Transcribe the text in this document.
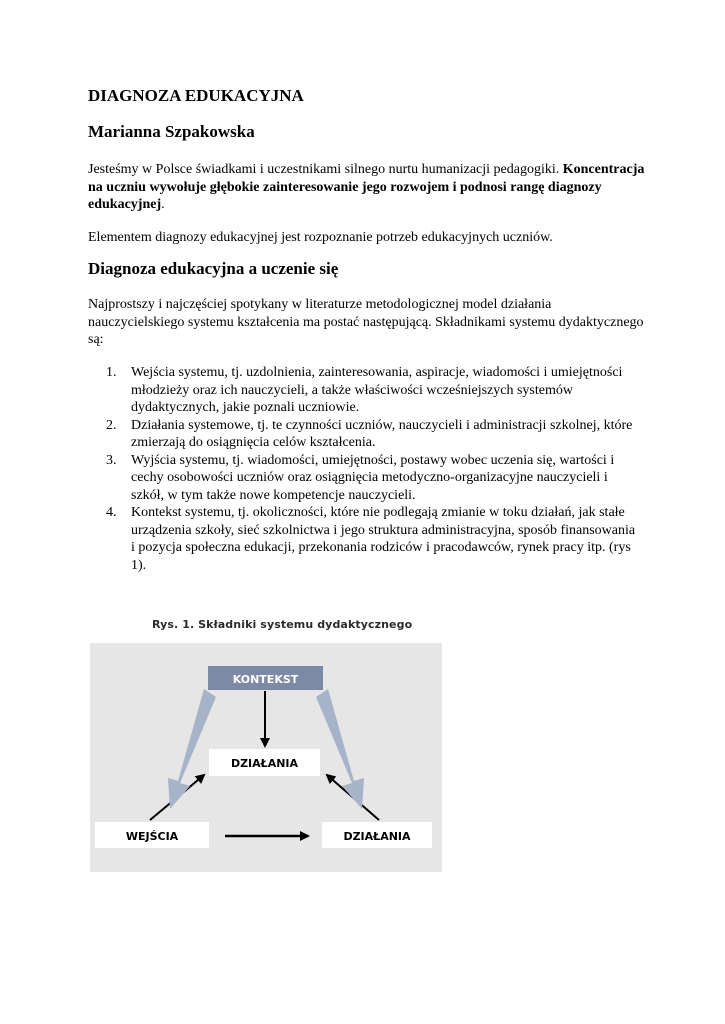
DIAGNOZA EDUKACYJNA
Marianna Szpakowska

Jesteśmy w Polsce świadkami i uczestnikami silnego nurtu humanizacji pedagogiki. Koncentracja na uczniu wywołuje głębokie zainteresowanie jego rozwojem i podnosi rangę diagnozy edukacyjnej.

Elementem diagnozy edukacyjnej jest rozpoznanie potrzeb edukacyjnych uczniów.

Diagnoza edukacyjna a uczenie się

Najprostszy i najczęściej spotykany w literaturze metodologicznej model działania nauczycielskiego systemu kształcenia ma postać następującą. Składnikami systemu dydaktycznego są:

1. Wejścia systemu, tj. uzdolnienia, zainteresowania, aspiracje, wiadomości i umiejętności młodzieży oraz ich nauczycieli, a także właściwości wcześniejszych systemów dydaktycznych, jakie poznali uczniowie.
2. Działania systemowe, tj. te czynności uczniów, nauczycieli i administracji szkolnej, które zmierzają do osiągnięcia celów kształcenia.
3. Wyjścia systemu, tj. wiadomości, umiejętności, postawy wobec uczenia się, wartości i cechy osobowości uczniów oraz osiągnięcia metodyczno-organizacyjne nauczycieli i szkół, w tym także nowe kompetencje nauczycieli.
4. Kontekst systemu, tj. okoliczności, które nie podlegają zmianie w toku działań, jak stałe urządzenia szkoły, sieć szkolnictwa i jego struktura administracyjna, sposób finansowania i pozycja społeczna edukacji, przekonania rodziców i pracodawców, rynek pracy itp. (rys 1).
Rys. 1. Składniki systemu dydaktycznego
KONTEKST
DZIAŁANIA
WEJŚCIA	DZIAŁANIA
